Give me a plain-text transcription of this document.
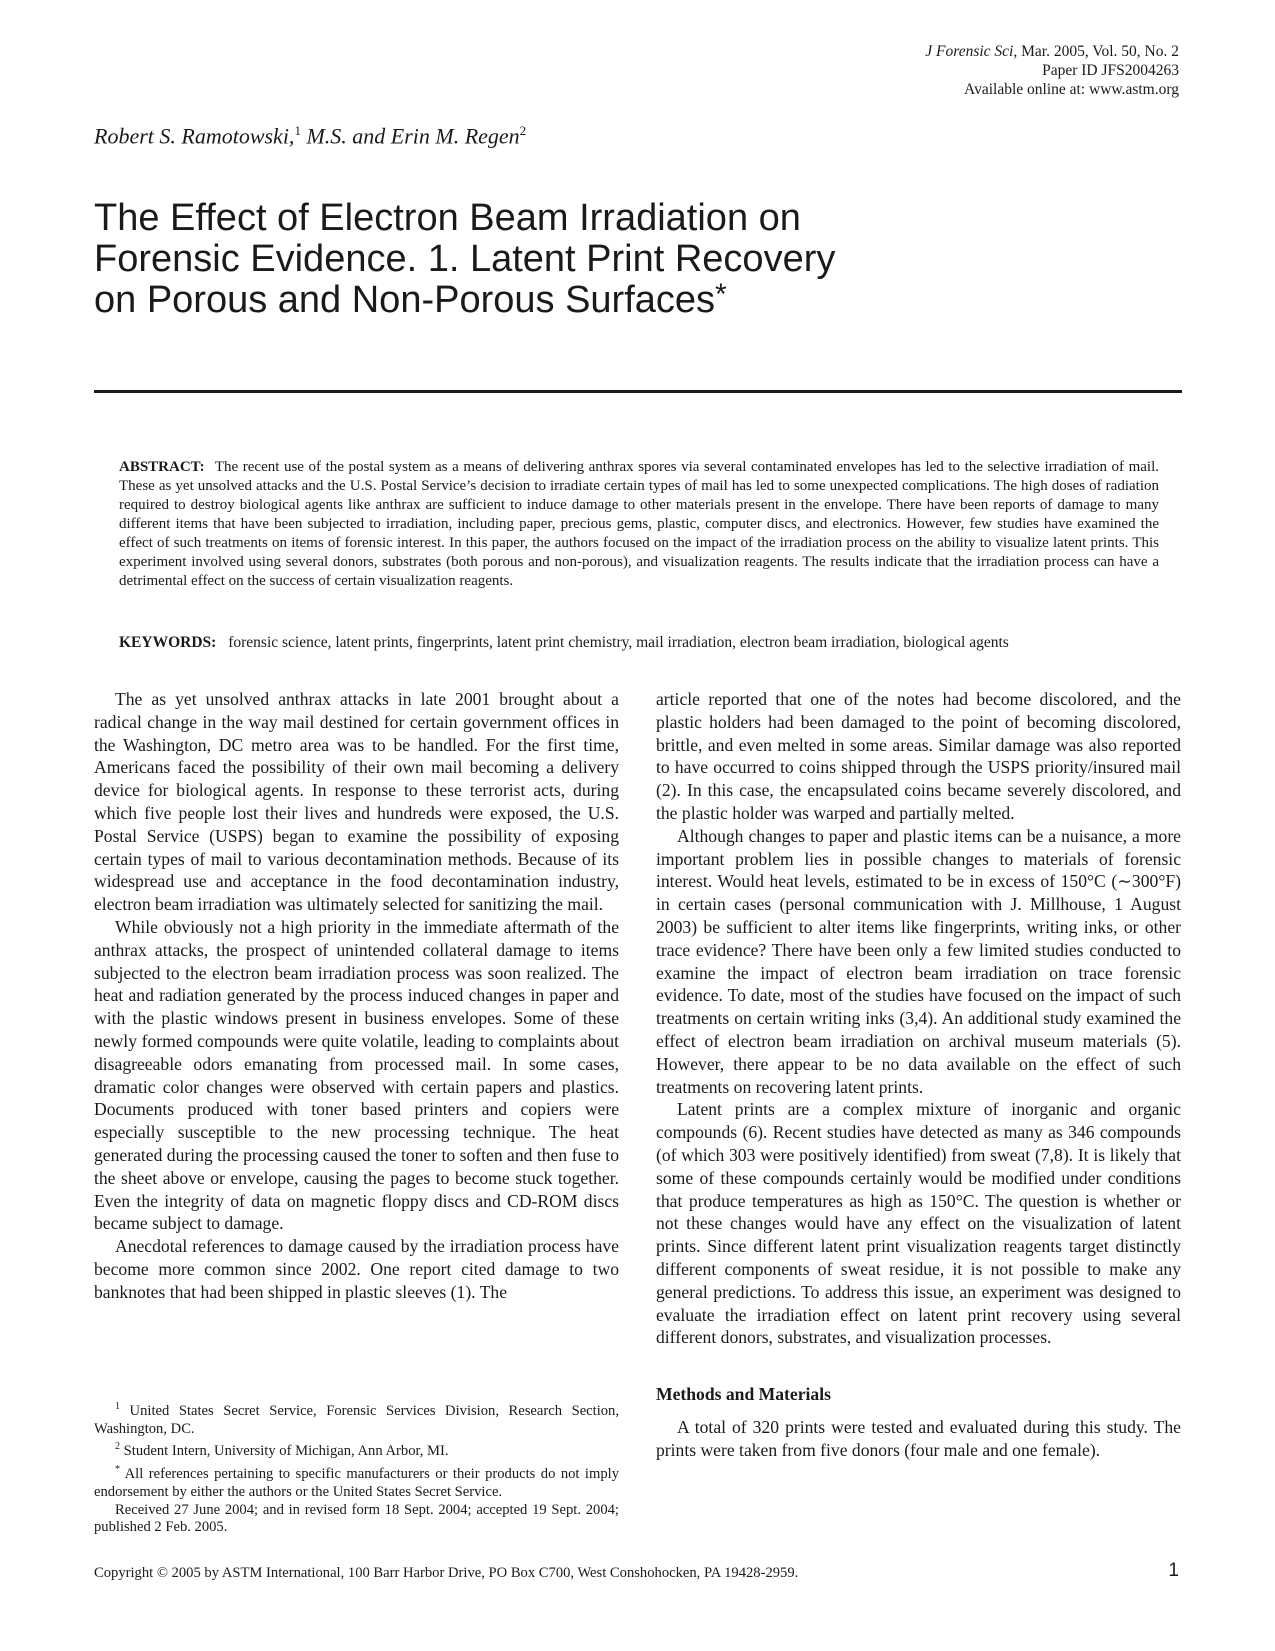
J Forensic Sci, Mar. 2005, Vol. 50, No. 2
Paper ID JFS2004263
Available online at: www.astm.org
Robert S. Ramotowski,$^1$ M.S. and Erin M. Regen$^2$
The Effect of Electron Beam Irradiation on
Forensic Evidence. 1. Latent Print Recovery
on Porous and Non-Porous Surfaces*

ABSTRACT: The recent use of the postal system as a means of delivering anthrax spores via several contaminated envelopes has led to the selective irradiation of mail. These as yet unsolved attacks and the U.S. Postal Service’s decision to irradiate certain types of mail has led to some unexpected complications. The high doses of radiation required to destroy biological agents like anthrax are sufficient to induce damage to other materials present in the envelope. There have been reports of damage to many different items that have been subjected to irradiation, including paper, precious gems, plastic, computer discs, and electronics. However, few studies have examined the effect of such treatments on items of forensic interest. In this paper, the authors focused on the impact of the irradiation process on the ability to visualize latent prints. This experiment involved using several donors, substrates (both porous and non-porous), and visualization reagents. The results indicate that the irradiation process can have a detrimental effect on the success of certain visualization reagents.

KEYWORDS: forensic science, latent prints, fingerprints, latent print chemistry, mail irradiation, electron beam irradiation, biological agents

The as yet unsolved anthrax attacks in late 2001 brought about a radical change in the way mail destined for certain government offices in the Washington, DC metro area was to be handled. For the first time, Americans faced the possibility of their own mail becoming a delivery device for biological agents. In response to these terrorist acts, during which five people lost their lives and hundreds were exposed, the U.S. Postal Service (USPS) began to examine the possibility of exposing certain types of mail to various decontamination methods. Because of its widespread use and acceptance in the food decontamination industry, electron beam irradiation was ultimately selected for sanitizing the mail.

While obviously not a high priority in the immediate aftermath of the anthrax attacks, the prospect of unintended collateral damage to items subjected to the electron beam irradiation process was soon realized. The heat and radiation generated by the process induced changes in paper and with the plastic windows present in business envelopes. Some of these newly formed compounds were quite volatile, leading to complaints about disagreeable odors emanating from processed mail. In some cases, dramatic color changes were observed with certain papers and plastics. Documents produced with toner based printers and copiers were especially susceptible to the new processing technique. The heat generated during the processing caused the toner to soften and then fuse to the sheet above or envelope, causing the pages to become stuck together. Even the integrity of data on magnetic floppy discs and CD-ROM discs became subject to damage.

Anecdotal references to damage caused by the irradiation process have become more common since 2002. One report cited damage to two banknotes that had been shipped in plastic sleeves (1). The

article reported that one of the notes had become discolored, and the plastic holders had been damaged to the point of becoming discolored, brittle, and even melted in some areas. Similar damage was also reported to have occurred to coins shipped through the USPS priority/insured mail (2). In this case, the encapsulated coins became severely discolored, and the plastic holder was warped and partially melted.

Although changes to paper and plastic items can be a nuisance, a more important problem lies in possible changes to materials of forensic interest. Would heat levels, estimated to be in excess of 150°C (∼300°F) in certain cases (personal communication with J. Millhouse, 1 August 2003) be sufficient to alter items like fingerprints, writing inks, or other trace evidence? There have been only a few limited studies conducted to examine the impact of electron beam irradiation on trace forensic evidence. To date, most of the studies have focused on the impact of such treatments on certain writing inks (3,4). An additional study examined the effect of electron beam irradiation on archival museum materials (5). However, there appear to be no data available on the effect of such treatments on recovering latent prints.

Latent prints are a complex mixture of inorganic and organic compounds (6). Recent studies have detected as many as 346 compounds (of which 303 were positively identified) from sweat (7,8). It is likely that some of these compounds certainly would be modified under conditions that produce temperatures as high as 150°C. The question is whether or not these changes would have any effect on the visualization of latent prints. Since different latent print visualization reagents target distinctly different components of sweat residue, it is not possible to make any general predictions. To address this issue, an experiment was designed to evaluate the irradiation effect on latent print recovery using several different donors, substrates, and visualization processes.

Methods and Materials

A total of 320 prints were tested and evaluated during this study. The prints were taken from five donors (four male and one female).

$^1$ United States Secret Service, Forensic Services Division, Research Section, Washington, DC.

$^2$ Student Intern, University of Michigan, Ann Arbor, MI.

* All references pertaining to specific manufacturers or their products do not imply endorsement by either the authors or the United States Secret Service.

Received 27 June 2004; and in revised form 18 Sept. 2004; accepted 19 Sept. 2004; published 2 Feb. 2005.

Copyright © 2005 by ASTM International, 100 Barr Harbor Drive, PO Box C700, West Conshohocken, PA 19428-2959.	1
